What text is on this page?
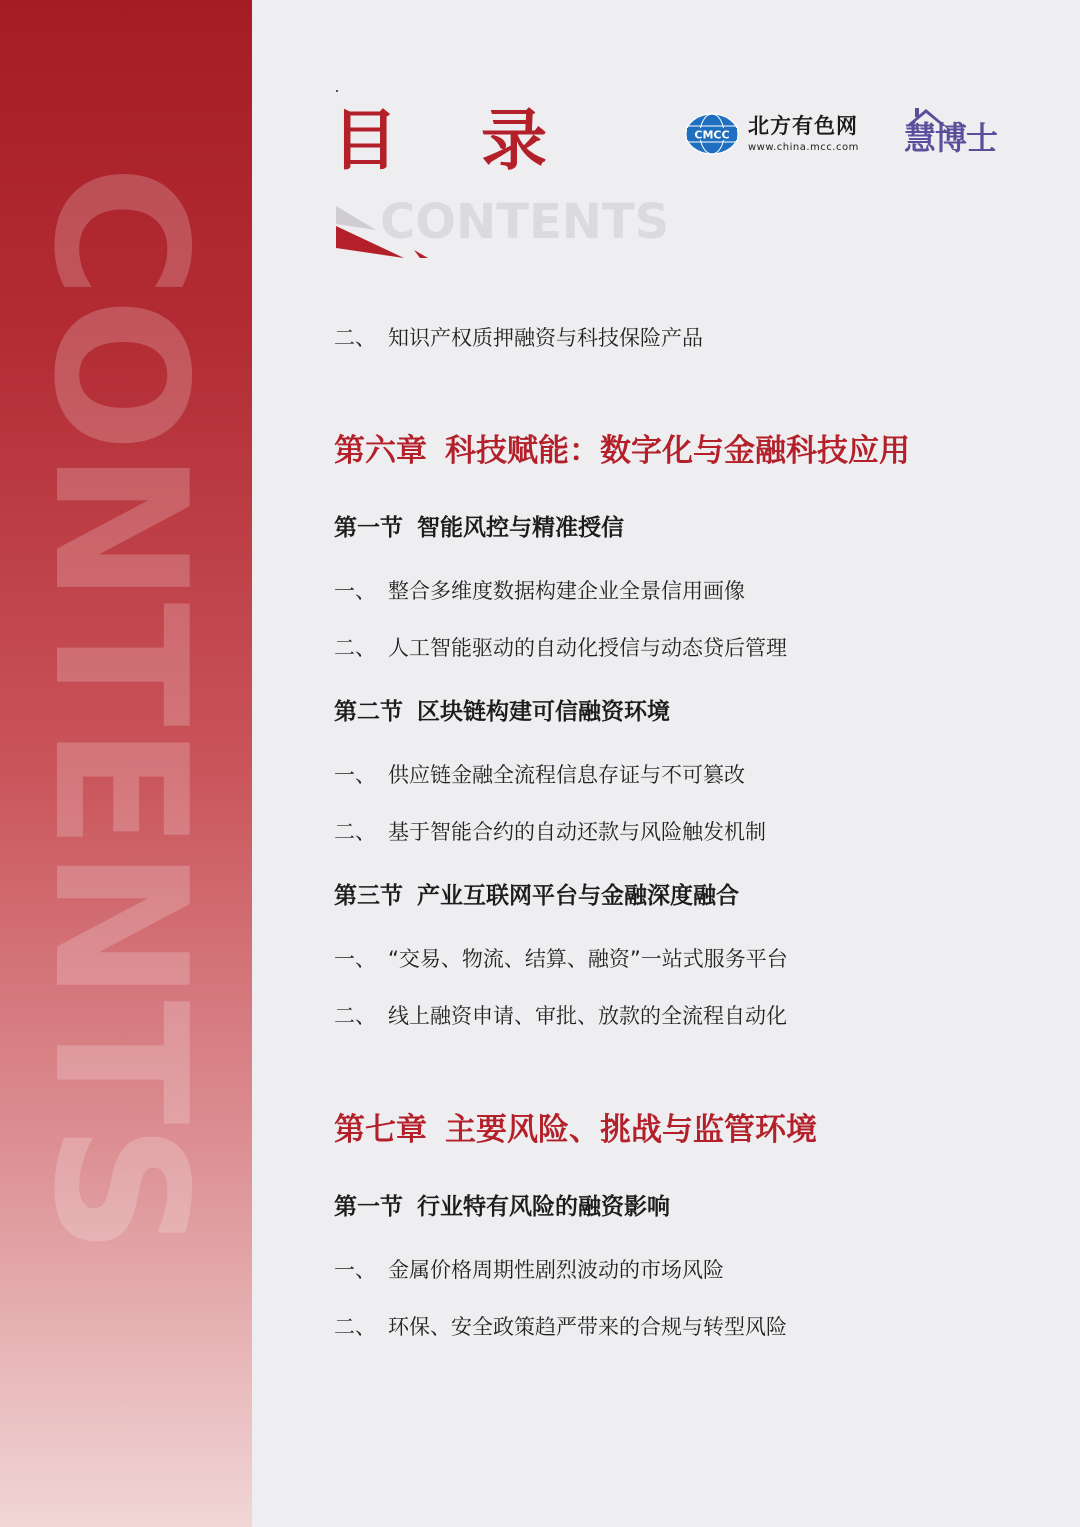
CONTENTS
目 录
CONTENTS
CMCC 北方有色网
www.china.mcc.com 慧博士
二、 知识产权质押融资与科技保险产品
第六章 科技赋能：数字化与金融科技应用
第一节 智能风控与精准授信
一、 整合多维度数据构建企业全景信用画像
二、 人工智能驱动的自动化授信与动态贷后管理
第二节 区块链构建可信融资环境
一、 供应链金融全流程信息存证与不可篡改
二、 基于智能合约的自动还款与风险触发机制
第三节 产业互联网平台与金融深度融合
一、 “交易、物流、结算、融资”一站式服务平台
二、 线上融资申请、审批、放款的全流程自动化
第七章 主要风险、挑战与监管环境
第一节 行业特有风险的融资影响
一、 金属价格周期性剧烈波动的市场风险
二、 环保、安全政策趋严带来的合规与转型风险
